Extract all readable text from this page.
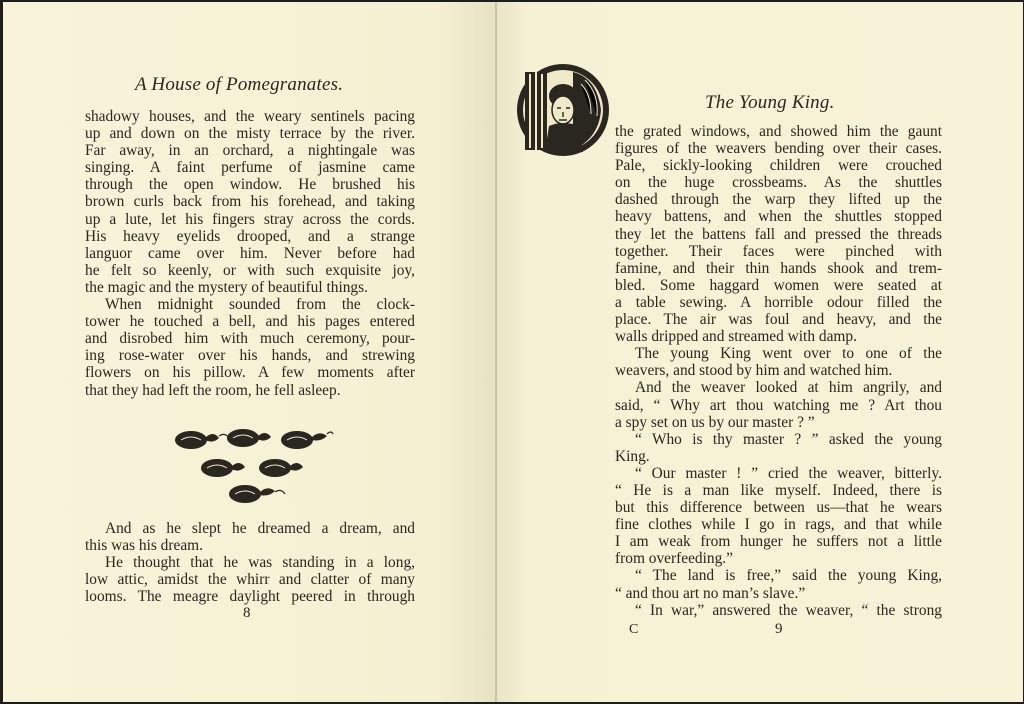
A House of Pomegranates.
shadowy houses, and the weary sentinels pacing
up and down on the misty terrace by the river.
Far away, in an orchard, a nightingale was
singing. A faint perfume of jasmine came
through the open window. He brushed his
brown curls back from his forehead, and taking
up a lute, let his fingers stray across the cords.
His heavy eyelids drooped, and a strange
languor came over him. Never before had
he felt so keenly, or with such exquisite joy,
the magic and the mystery of beautiful things.
When midnight sounded from the clock-
tower he touched a bell, and his pages entered
and disrobed him with much ceremony, pour-
ing rose-water over his hands, and strewing
flowers on his pillow. A few moments after
that they had left the room, he fell asleep.
And as he slept he dreamed a dream, and
this was his dream.
He thought that he was standing in a long,
low attic, amidst the whirr and clatter of many
looms. The meagre daylight peered in through
8
The Young King.
the grated windows, and showed him the gaunt
figures of the weavers bending over their cases.
Pale, sickly-looking children were crouched
on the huge crossbeams. As the shuttles
dashed through the warp they lifted up the
heavy battens, and when the shuttles stopped
they let the battens fall and pressed the threads
together. Their faces were pinched with
famine, and their thin hands shook and trem-
bled. Some haggard women were seated at
a table sewing. A horrible odour filled the
place. The air was foul and heavy, and the
walls dripped and streamed with damp.
The young King went over to one of the
weavers, and stood by him and watched him.
And the weaver looked at him angrily, and
said, “ Why art thou watching me ? Art thou
a spy set on us by our master ? ”
“ Who is thy master ? ” asked the young
King.
“ Our master ! ” cried the weaver, bitterly.
“ He is a man like myself. Indeed, there is
but this difference between us—that he wears
fine clothes while I go in rags, and that while
I am weak from hunger he suffers not a little
from overfeeding.”
“ The land is free,” said the young King,
“ and thou art no man’s slave.”
“ In war,” answered the weaver, “ the strong
C	9
